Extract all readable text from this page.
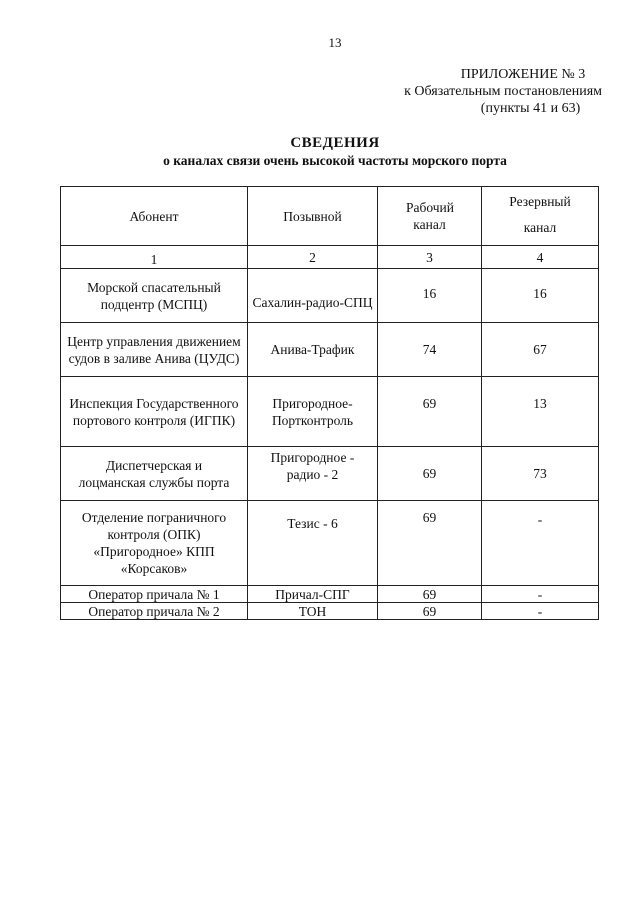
13
ПРИЛОЖЕНИЕ № 3
к Обязательным постановлениям
(пункты 41 и 63)
СВЕДЕНИЯ
о каналах связи очень высокой частоты морского порта
Абонент	Позывной	Рабочий канал	Резервный канал
1	2	3	4
Морской спасательный подцентр (МСПЦ)	Сахалин-радио-СПЦ	16	16
Центр управления движением судов в заливе Анива (ЦУДС)	Анива-Трафик	74	67
Инспекция Государственного портового контроля (ИГПК)	Пригородное-Портконтроль	69	13
Диспетчерская и лоцманская службы порта	Пригородное - радио - 2	69	73
Отделение пограничного контроля (ОПК) «Пригородное» КПП «Корсаков»	Тезис - 6	69	-
Оператор причала № 1	Причал-СПГ	69	-
Оператор причала № 2	ТОН	69	-
